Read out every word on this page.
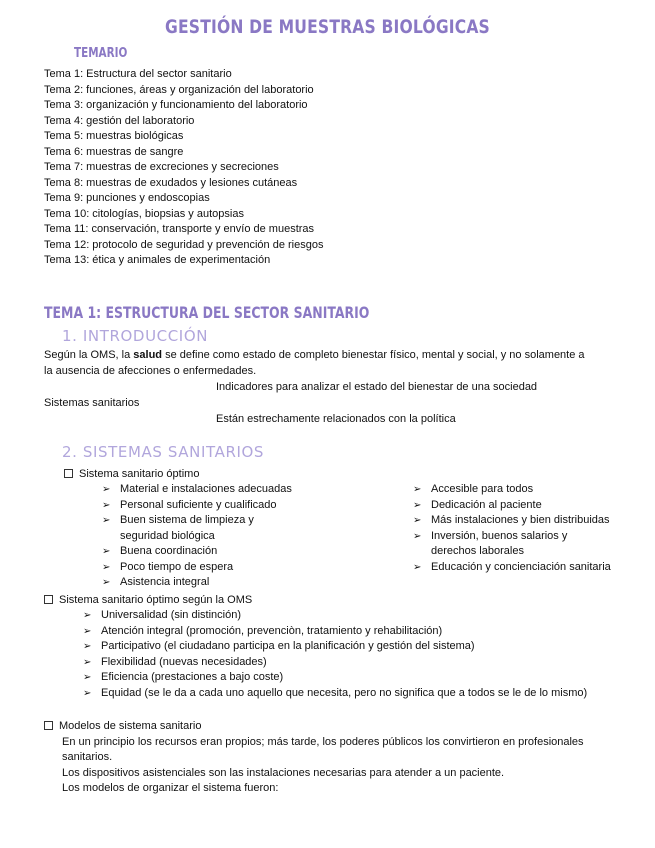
GESTIÓN DE MUESTRAS BIOLÓGICAS
TEMARIO
Tema 1: Estructura del sector sanitario
Tema 2: funciones, áreas y organización del laboratorio
Tema 3: organización y funcionamiento del laboratorio
Tema 4: gestión del laboratorio
Tema 5: muestras biológicas
Tema 6: muestras de sangre
Tema 7: muestras de excreciones y secreciones
Tema 8: muestras de exudados y lesiones cutáneas
Tema 9: punciones y endoscopias
Tema 10: citologías, biopsias y autopsias
Tema 11: conservación, transporte y envío de muestras
Tema 12: protocolo de seguridad y prevención de riesgos
Tema 13: ética y animales de experimentación
TEMA 1: ESTRUCTURA DEL SECTOR SANITARIO
1. INTRODUCCIÓN
Según la OMS, la salud se define como estado de completo bienestar físico, mental y social, y no solamente a
la ausencia de afecciones o enfermedades.
Indicadores para analizar el estado del bienestar de una sociedad
Sistemas sanitarios
Están estrechamente relacionados con la política
2. SISTEMAS SANITARIOS
Sistema sanitario óptimo
➢ Material e instalaciones adecuadas
➢ Personal suficiente y cualificado
➢ Buen sistema de limpieza y
seguridad biológica
➢ Buena coordinación
➢ Poco tiempo de espera
➢ Asistencia integral
➢ Accesible para todos
➢ Dedicación al paciente
➢ Más instalaciones y bien distribuidas
➢ Inversión, buenos salarios y
derechos laborales
➢ Educación y concienciación sanitaria
Sistema sanitario óptimo según la OMS
➢ Universalidad (sin distinción)
➢ Atención integral (promoción, prevenciòn, tratamiento y rehabilitación)
➢ Participativo (el ciudadano participa en la planificación y gestión del sistema)
➢ Flexibilidad (nuevas necesidades)
➢ Eficiencia (prestaciones a bajo coste)
➢ Equidad (se le da a cada uno aquello que necesita, pero no significa que a todos se le de lo mismo)
Modelos de sistema sanitario
En un principio los recursos eran propios; más tarde, los poderes públicos los convirtieron en profesionales
sanitarios.
Los dispositivos asistenciales son las instalaciones necesarias para atender a un paciente.
Los modelos de organizar el sistema fueron:
